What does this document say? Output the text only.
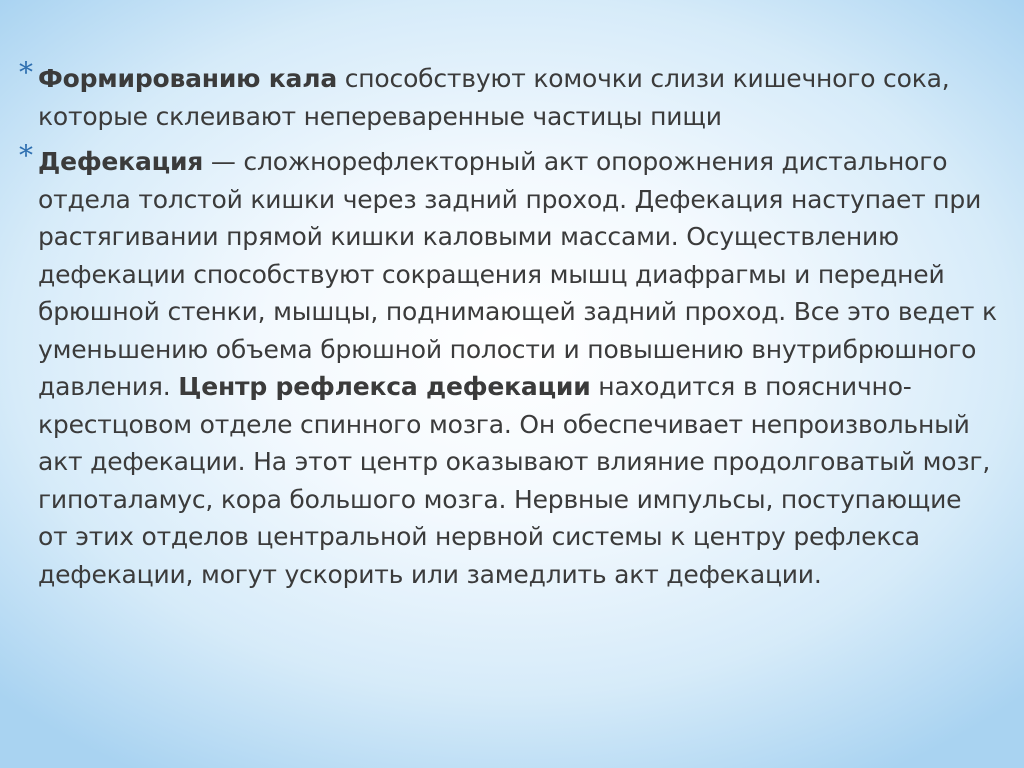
* Формированию кала способствуют комочки слизи кишечного сока, которые склеивают непереваренные частицы пищи
* Дефекация — сложнорефлекторный акт опорожнения дистального отдела толстой кишки через задний проход. Дефекация наступает при растягивании прямой кишки каловыми массами. Осуществлению дефекации способствуют сокращения мышц диафрагмы и передней брюшной стенки, мышцы, поднимающей задний проход. Все это ведет к уменьшению объема брюшной полости и повышению внутрибрюшного давления. Центр рефлекса дефекации находится в пояснично-крестцовом отделе спинного мозга. Он обеспечивает непроизвольный акт дефекации. На этот центр оказывают влияние продолговатый мозг, гипоталамус, кора большого мозга. Нервные импульсы, поступающие от этих отделов центральной нервной системы к центру рефлекса дефекации, могут ускорить или замедлить акт дефекации.
